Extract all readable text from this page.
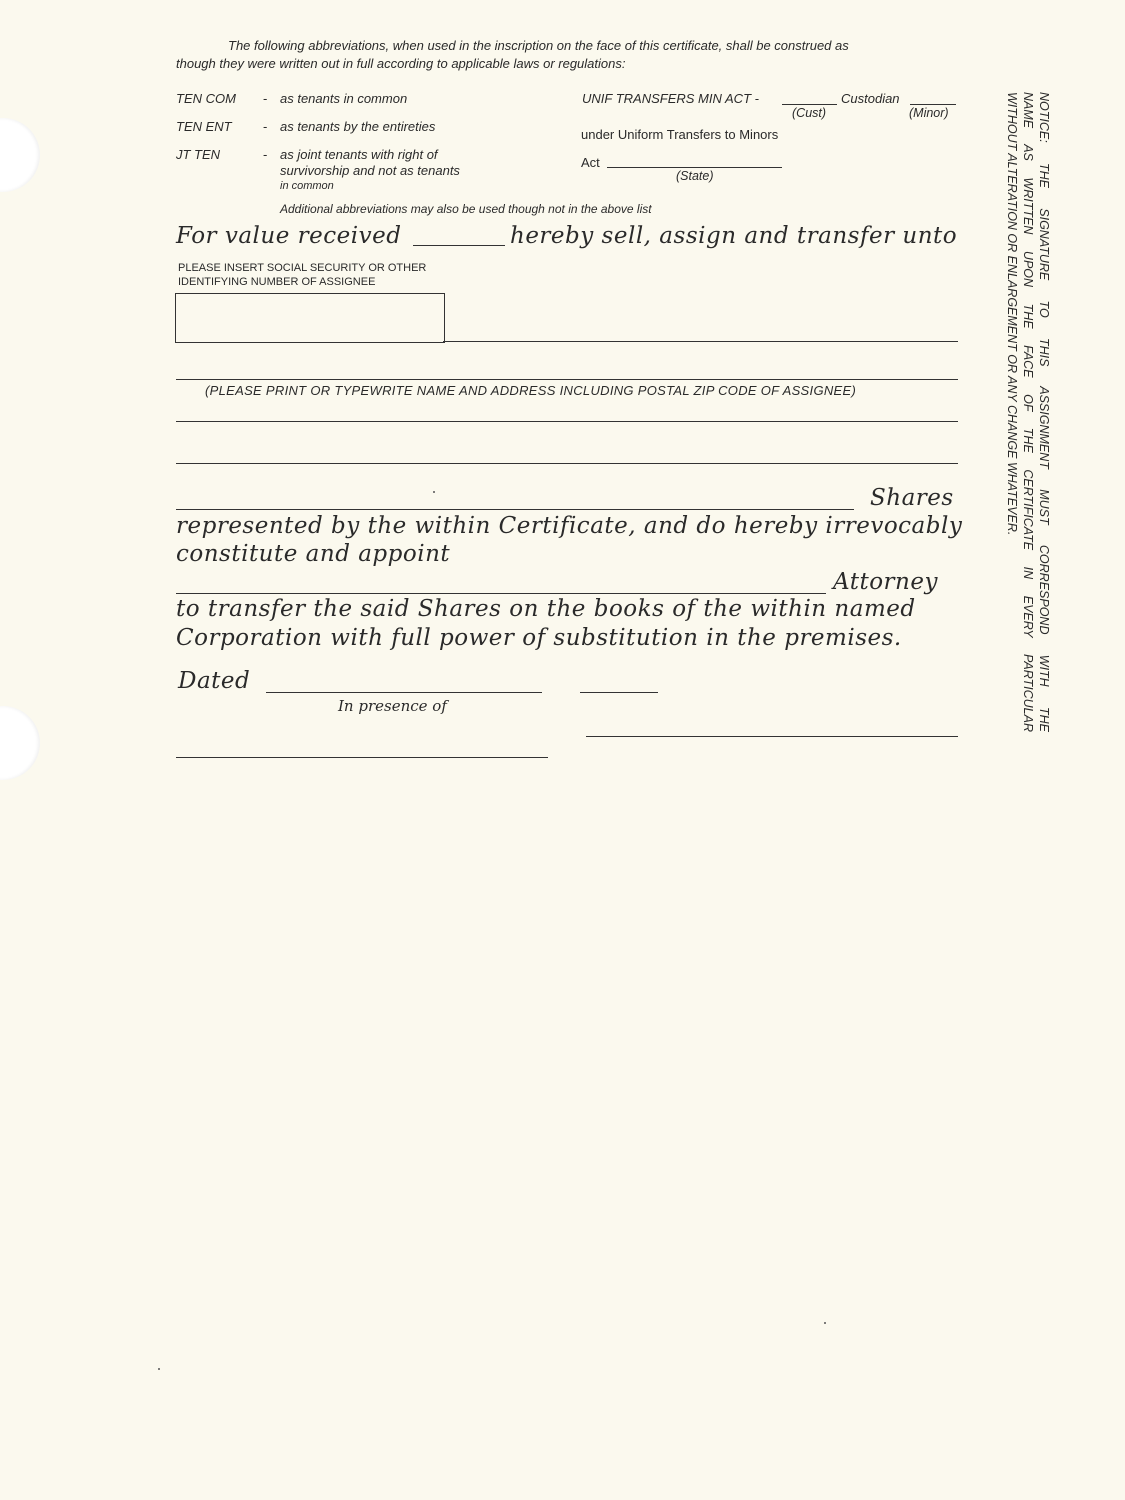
The following abbreviations, when used in the inscription on the face of this certificate, shall be construed as
though they were written out in full according to applicable laws or regulations:
TEN COM - as tenants in common
TEN ENT - as tenants by the entireties
JT TEN	- as joint tenants with right of
survivorship and not as tenants
in common
UNIF TRANSFERS MIN ACT -	Custodian
(Cust)	(Minor)
under Uniform Transfers to Minors
Act
(State)
Additional abbreviations may also be used though not in the above list
For value received	hereby sell, assign and transfer unto
PLEASE INSERT SOCIAL SECURITY OR OTHER
IDENTIFYING NUMBER OF ASSIGNEE
(PLEASE PRINT OR TYPEWRITE NAME AND ADDRESS INCLUDING POSTAL ZIP CODE OF ASSIGNEE)
Shares
represented by the within Certificate, and do hereby irrevocably
constitute and appoint
Attorney
to transfer the said Shares on the books of the within named
Corporation with full power of substitution in the premises.
Dated
In presence of	NOTICE: THE SIGNATURE TO THIS ASSIGNMENT MUST CORRESPOND WITH THE
NAME AS WRITTEN UPON THE FACE OF THE CERTIFICATE IN EVERY PARTICULAR
WITHOUT ALTERATION OR ENLARGEMENT OR ANY CHANGE WHATEVER.
